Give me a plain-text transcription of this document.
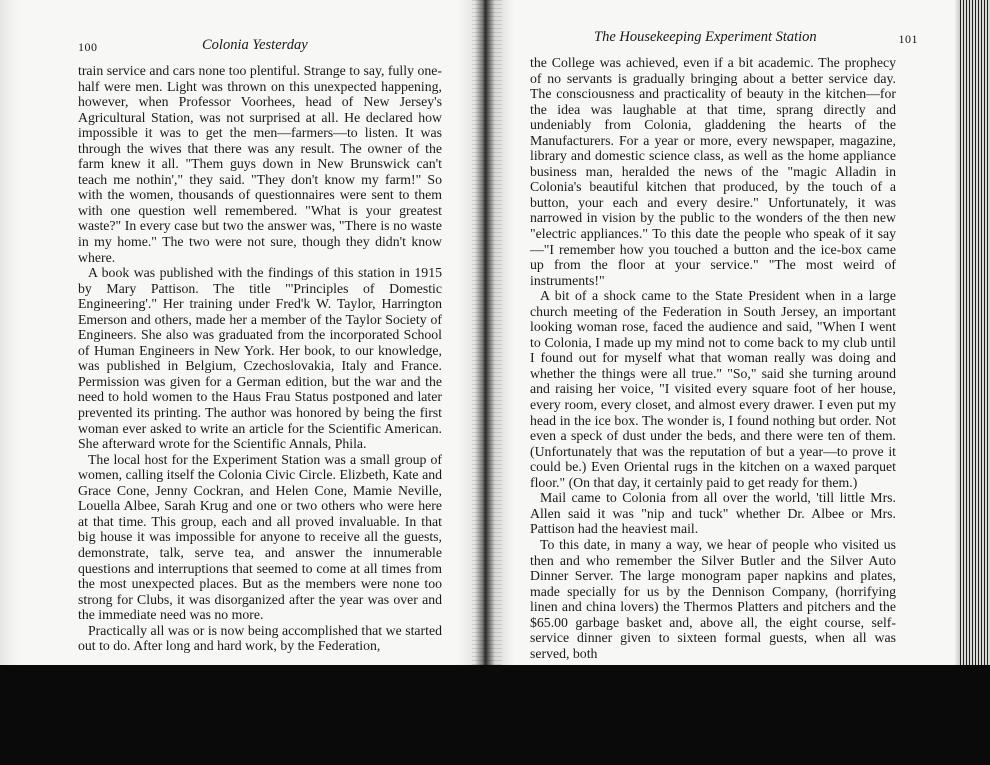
100	Colonia Yesterday

train service and cars none too plentiful. Strange to say, fully one-half were men. Light was thrown on this unexpected happening, however, when Professor Voorhees, head of New Jersey's Agricultural Station, was not surprised at all. He declared how impossible it was to get the men—farmers—to listen. It was through the wives that there was any result. The owner of the farm knew it all. "Them guys down in New Brunswick can't teach me nothin'," they said. "They don't know my farm!" So with the women, thousands of questionnaires were sent to them with one question well remembered. "What is your greatest waste?" In every case but two the answer was, "There is no waste in my home." The two were not sure, though they didn't know where.

A book was published with the findings of this station in 1915 by Mary Pattison. The title "'Principles of Domestic Engineering'." Her training under Fred'k W. Taylor, Harrington Emerson and others, made her a member of the Taylor Society of Engineers. She also was graduated from the incorporated School of Human Engineers in New York. Her book, to our knowledge, was published in Belgium, Czechoslovakia, Italy and France. Permission was given for a German edition, but the war and the need to hold women to the Haus Frau Status postponed and later prevented its printing. The author was honored by being the first woman ever asked to write an article for the Scientific American. She afterward wrote for the Scientific Annals, Phila.

The local host for the Experiment Station was a small group of women, calling itself the Colonia Civic Circle. Elizbeth, Kate and Grace Cone, Jenny Cockran, and Helen Cone, Mamie Neville, Louella Albee, Sarah Krug and one or two others who were here at that time. This group, each and all proved invaluable. In that big house it was impossible for anyone to receive all the guests, demonstrate, talk, serve tea, and answer the innumerable questions and interruptions that seemed to come at all times from the most unexpected places. But as the members were none too strong for Clubs, it was disorganized after the year was over and the immediate need was no more.

Practically all was or is now being accomplished that we started out to do. After long and hard work, by the Federation,

The Housekeeping Experiment Station	101

the College was achieved, even if a bit academic. The prophecy of no servants is gradually bringing about a better service day. The consciousness and practicality of beauty in the kitchen—for the idea was laughable at that time, sprang directly and undeniably from Colonia, gladdening the hearts of the Manufacturers. For a year or more, every newspaper, magazine, library and domestic science class, as well as the home appliance business man, heralded the news of the "magic Alladin in Colonia's beautiful kitchen that produced, by the touch of a button, your each and every desire." Unfortunately, it was narrowed in vision by the public to the wonders of the then new "electric appliances." To this date the people who speak of it say—"I remember how you touched a button and the ice-box came up from the floor at your service." "The most weird of instruments!"

A bit of a shock came to the State President when in a large church meeting of the Federation in South Jersey, an important looking woman rose, faced the audience and said, "When I went to Colonia, I made up my mind not to come back to my club until I found out for myself what that woman really was doing and whether the things were all true." "So," said she turning around and raising her voice, "I visited every square foot of her house, every room, every closet, and almost every drawer. I even put my head in the ice box. The wonder is, I found nothing but order. Not even a speck of dust under the beds, and there were ten of them. (Unfortunately that was the reputation of but a year—to prove it could be.) Even Oriental rugs in the kitchen on a waxed parquet floor." (On that day, it certainly paid to get ready for them.)

Mail came to Colonia from all over the world, 'till little Mrs. Allen said it was "nip and tuck" whether Dr. Albee or Mrs. Pattison had the heaviest mail.

To this date, in many a way, we hear of people who visited us then and who remember the Silver Butler and the Silver Auto Dinner Server. The large monogram paper napkins and plates, made specially for us by the Dennison Company, (horrifying linen and china lovers) the Thermos Platters and pitchers and the $65.00 garbage basket and, above all, the eight course, self-service dinner given to sixteen formal guests, when all was served, both
